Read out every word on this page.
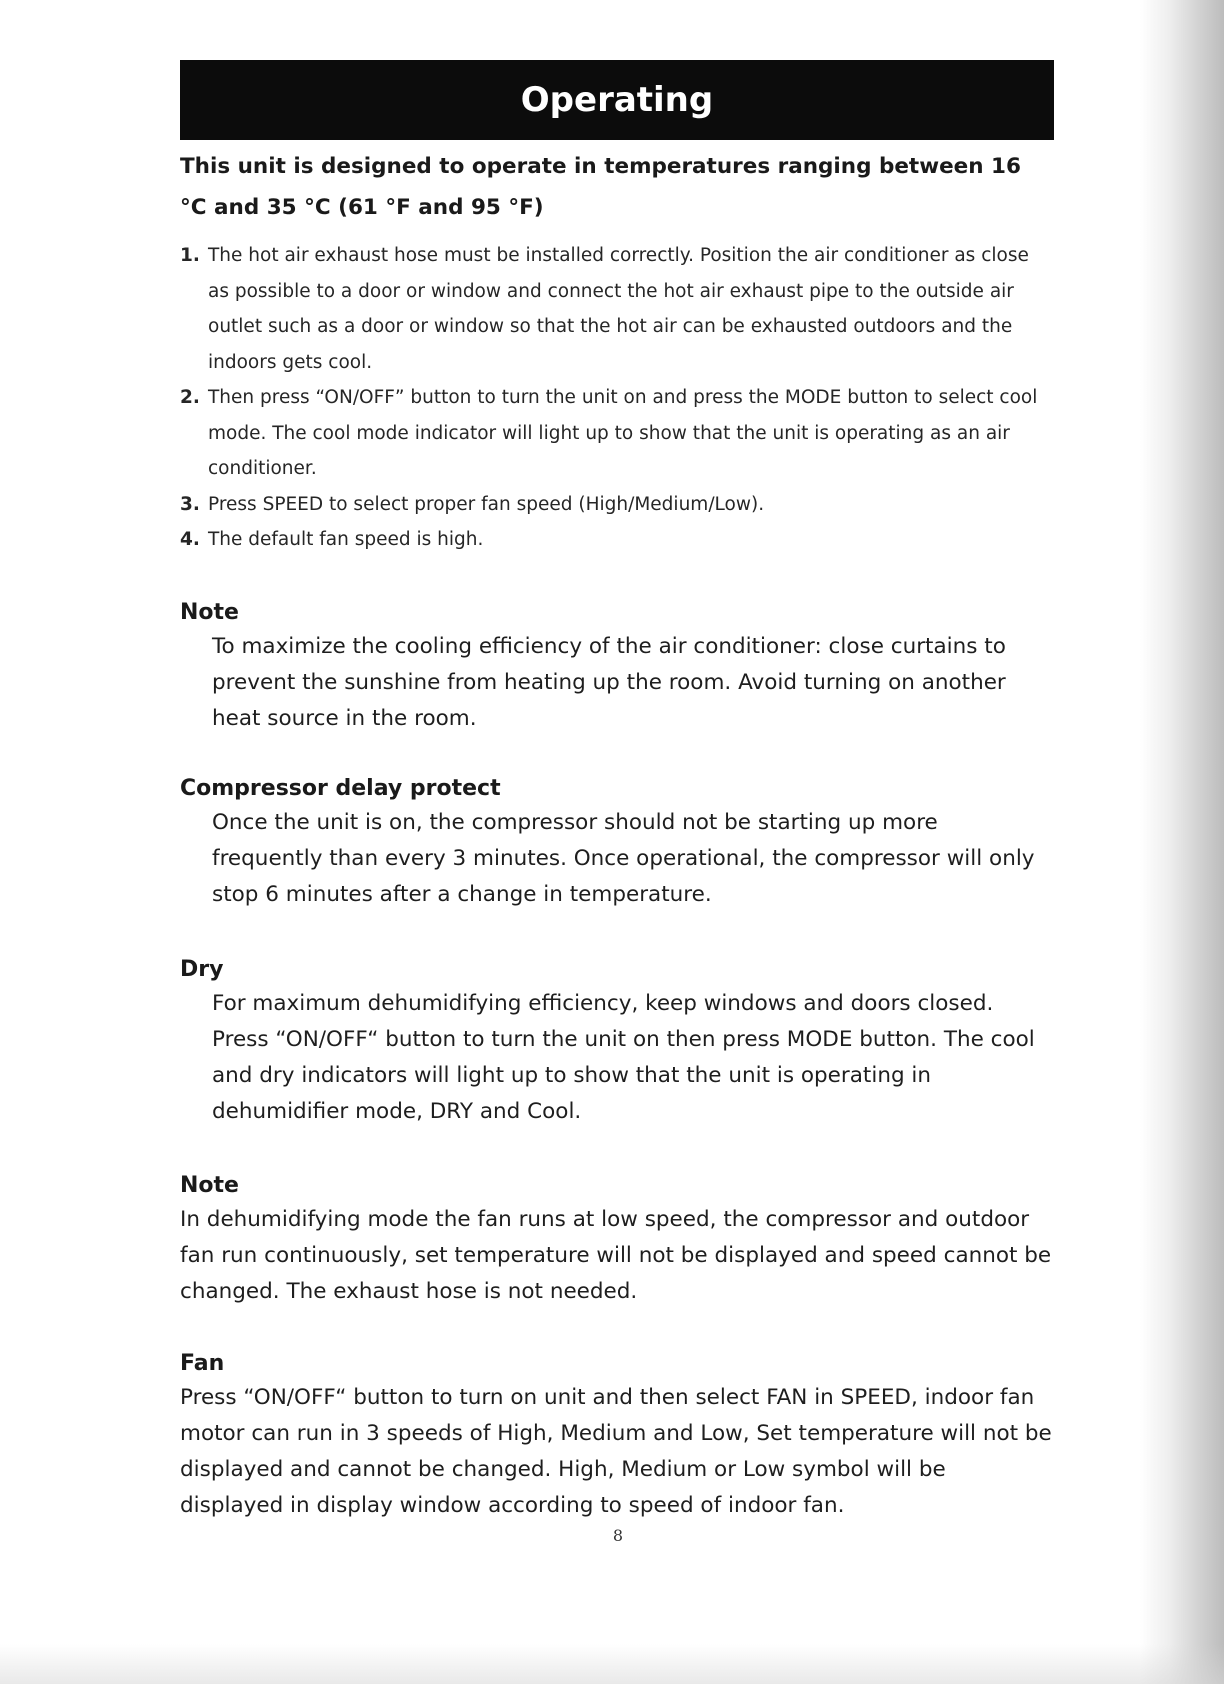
Operating
This unit is designed to operate in temperatures ranging between 16 °C and 35 °C (61 °F and 95 °F)
1. The hot air exhaust hose must be installed correctly. Position the air conditioner as close as possible to a door or window and connect the hot air exhaust pipe to the outside air outlet such as a door or window so that the hot air can be exhausted outdoors and the indoors gets cool.
2. Then press “ON/OFF” button to turn the unit on and press the MODE button to select cool mode. The cool mode indicator will light up to show that the unit is operating as an air conditioner.
3. Press SPEED to select proper fan speed (High/Medium/Low).
4. The default fan speed is high.
Note
To maximize the cooling efficiency of the air conditioner: close curtains to prevent the sunshine from heating up the room. Avoid turning on another heat source in the room.
Compressor delay protect
Once the unit is on, the compressor should not be starting up more frequently than every 3 minutes. Once operational, the compressor will only stop 6 minutes after a change in temperature.
Dry
For maximum dehumidifying efficiency, keep windows and doors closed. Press “ON/OFF“ button to turn the unit on then press MODE button. The cool and dry indicators will light up to show that the unit is operating in dehumidifier mode, DRY and Cool.
Note
In dehumidifying mode the fan runs at low speed, the compressor and outdoor fan run continuously, set temperature will not be displayed and speed cannot be changed. The exhaust hose is not needed.
Fan
Press “ON/OFF“ button to turn on unit and then select FAN in SPEED, indoor fan motor can run in 3 speeds of High, Medium and Low, Set temperature will not be displayed and cannot be changed. High, Medium or Low symbol will be displayed in display window according to speed of indoor fan.
8
